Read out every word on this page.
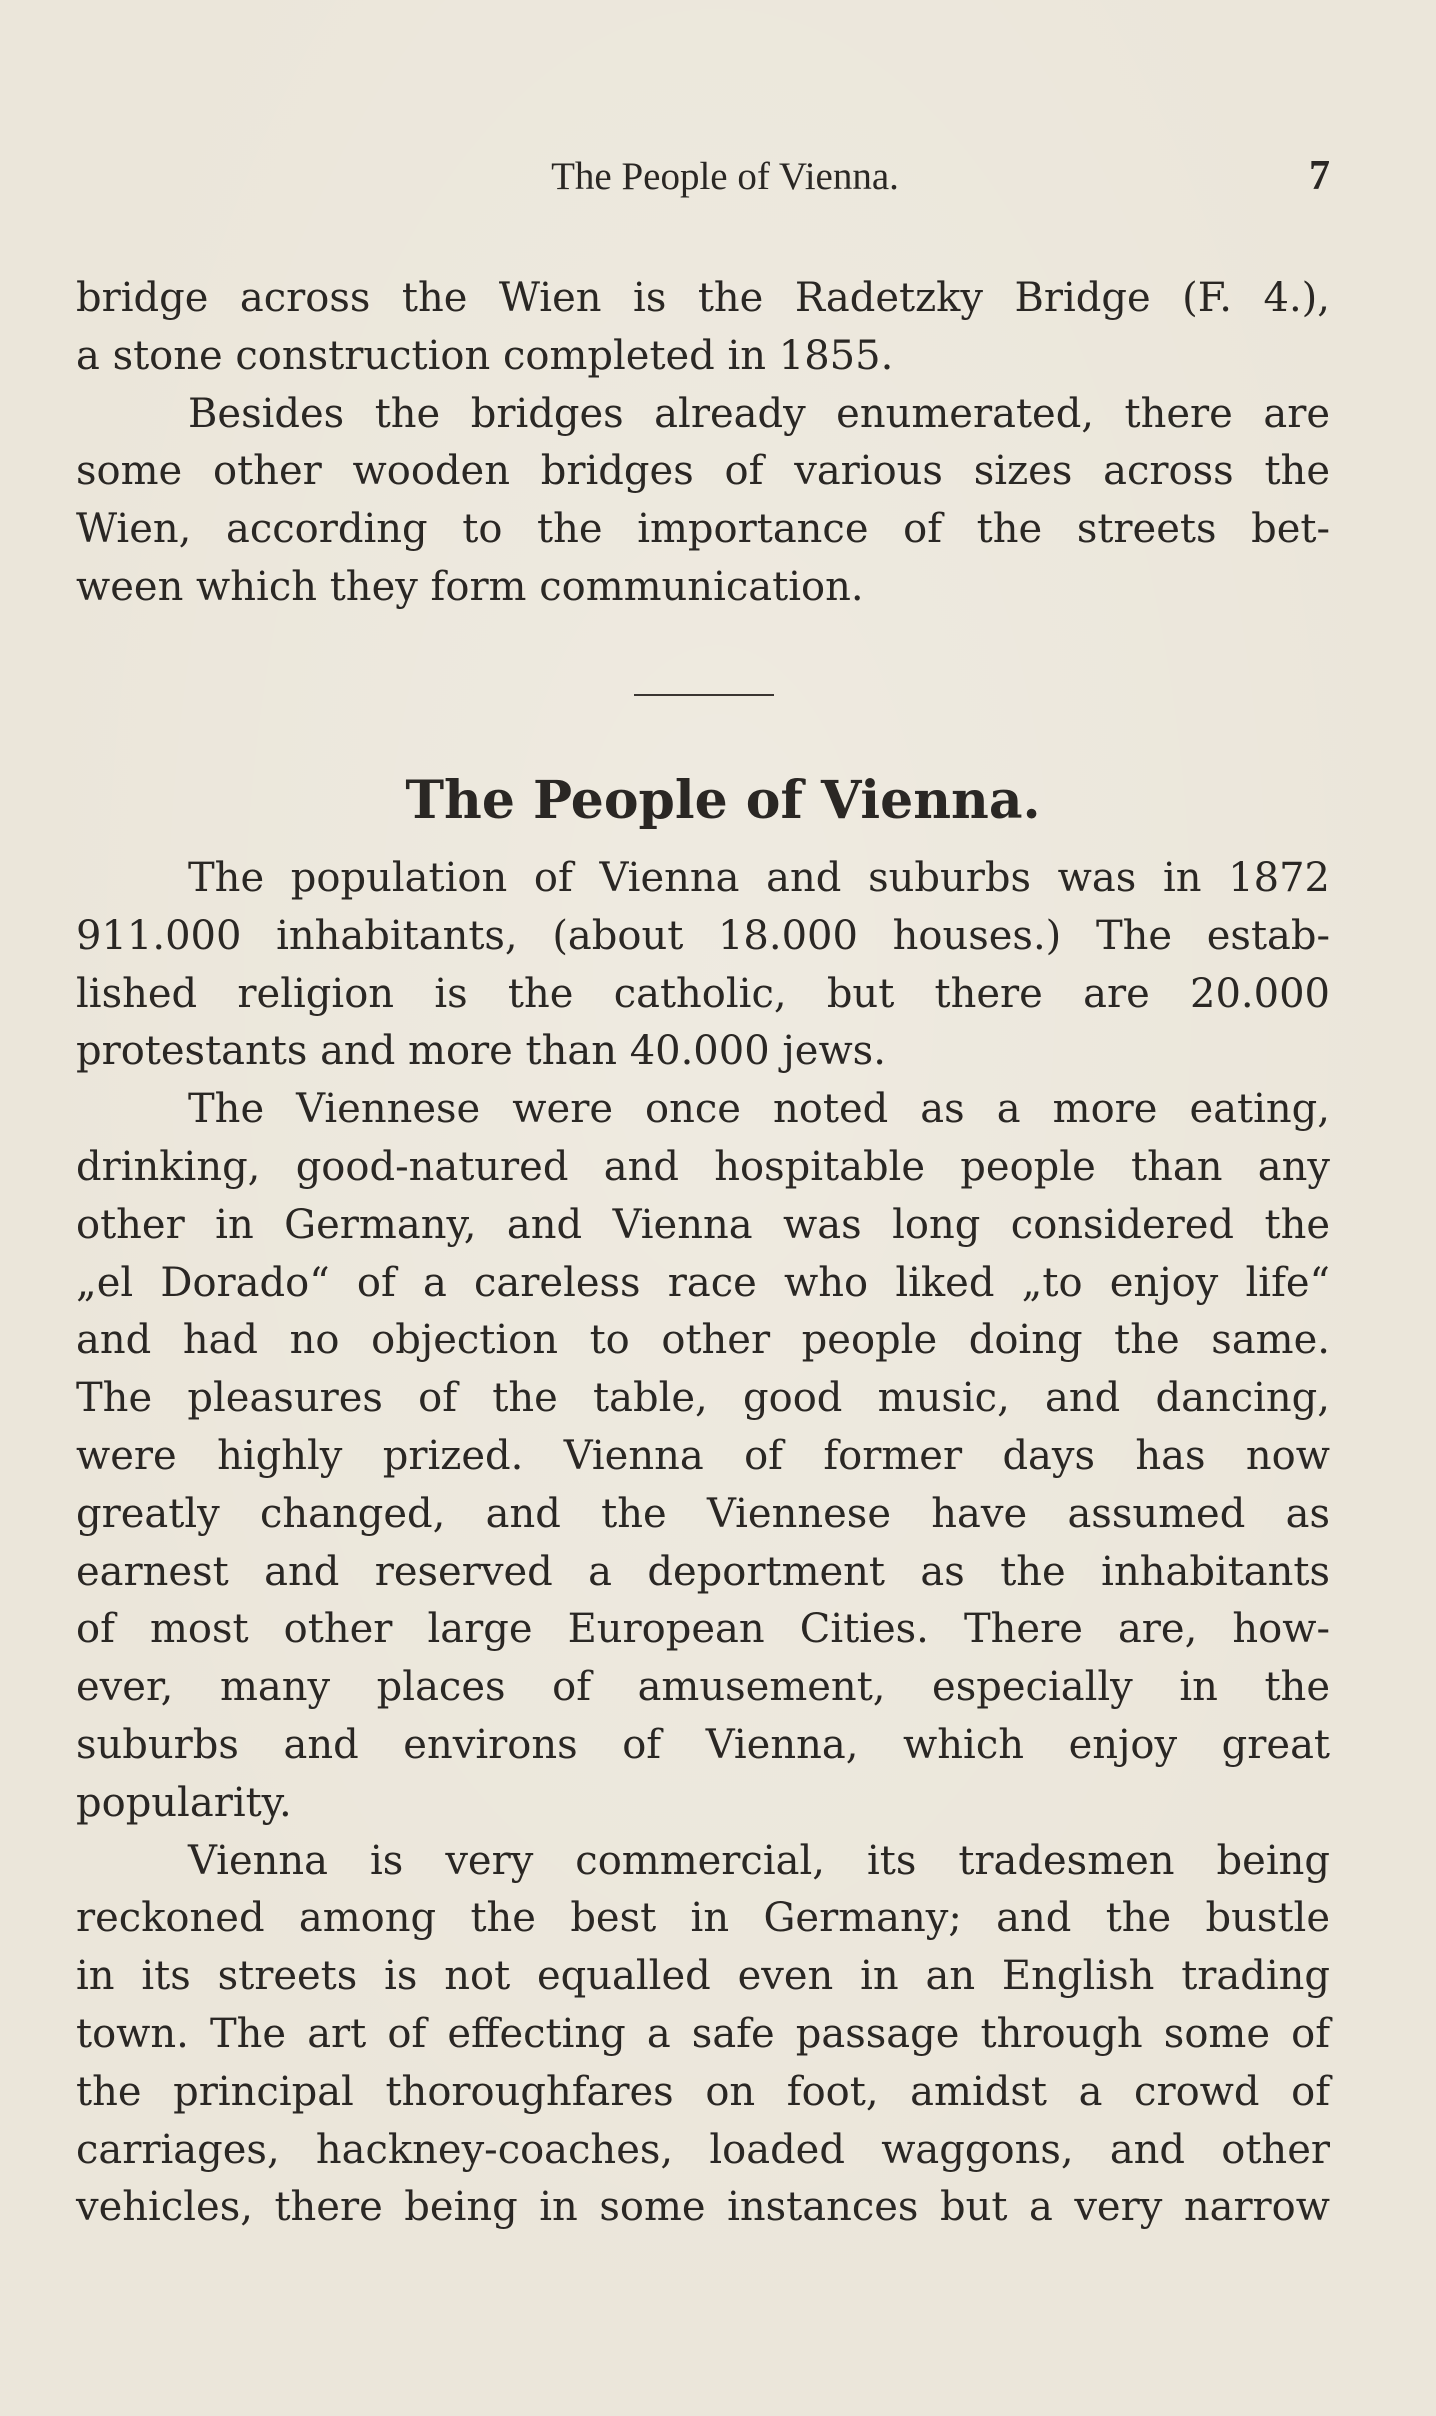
The People of Vienna.	7
bridge across the Wien is the Radetzky Bridge (F. 4.),
a stone construction completed in 1855.
Besides the bridges already enumerated, there are
some other wooden bridges of various sizes across the
Wien, according to the importance of the streets bet-
ween which they form communication.
The People of Vienna.
The population of Vienna and suburbs was in 1872
911.000 inhabitants, (about 18.000 houses.) The estab-
lished religion is the catholic, but there are 20.000
protestants and more than 40.000 jews.
The Viennese were once noted as a more eating,
drinking, good-natured and hospitable people than any
other in Germany, and Vienna was long considered the
„el Dorado“ of a careless race who liked „to enjoy life“
and had no objection to other people doing the same.
The pleasures of the table, good music, and dancing,
were highly prized. Vienna of former days has now
greatly changed, and the Viennese have assumed as
earnest and reserved a deportment as the inhabitants
of most other large European Cities. There are, how-
ever, many places of amusement, especially in the
suburbs and environs of Vienna, which enjoy great
popularity.
Vienna is very commercial, its tradesmen being
reckoned among the best in Germany; and the bustle
in its streets is not equalled even in an English trading
town. The art of effecting a safe passage through some of
the principal thoroughfares on foot, amidst a crowd of
carriages, hackney-coaches, loaded waggons, and other
vehicles, there being in some instances but a very narrow
